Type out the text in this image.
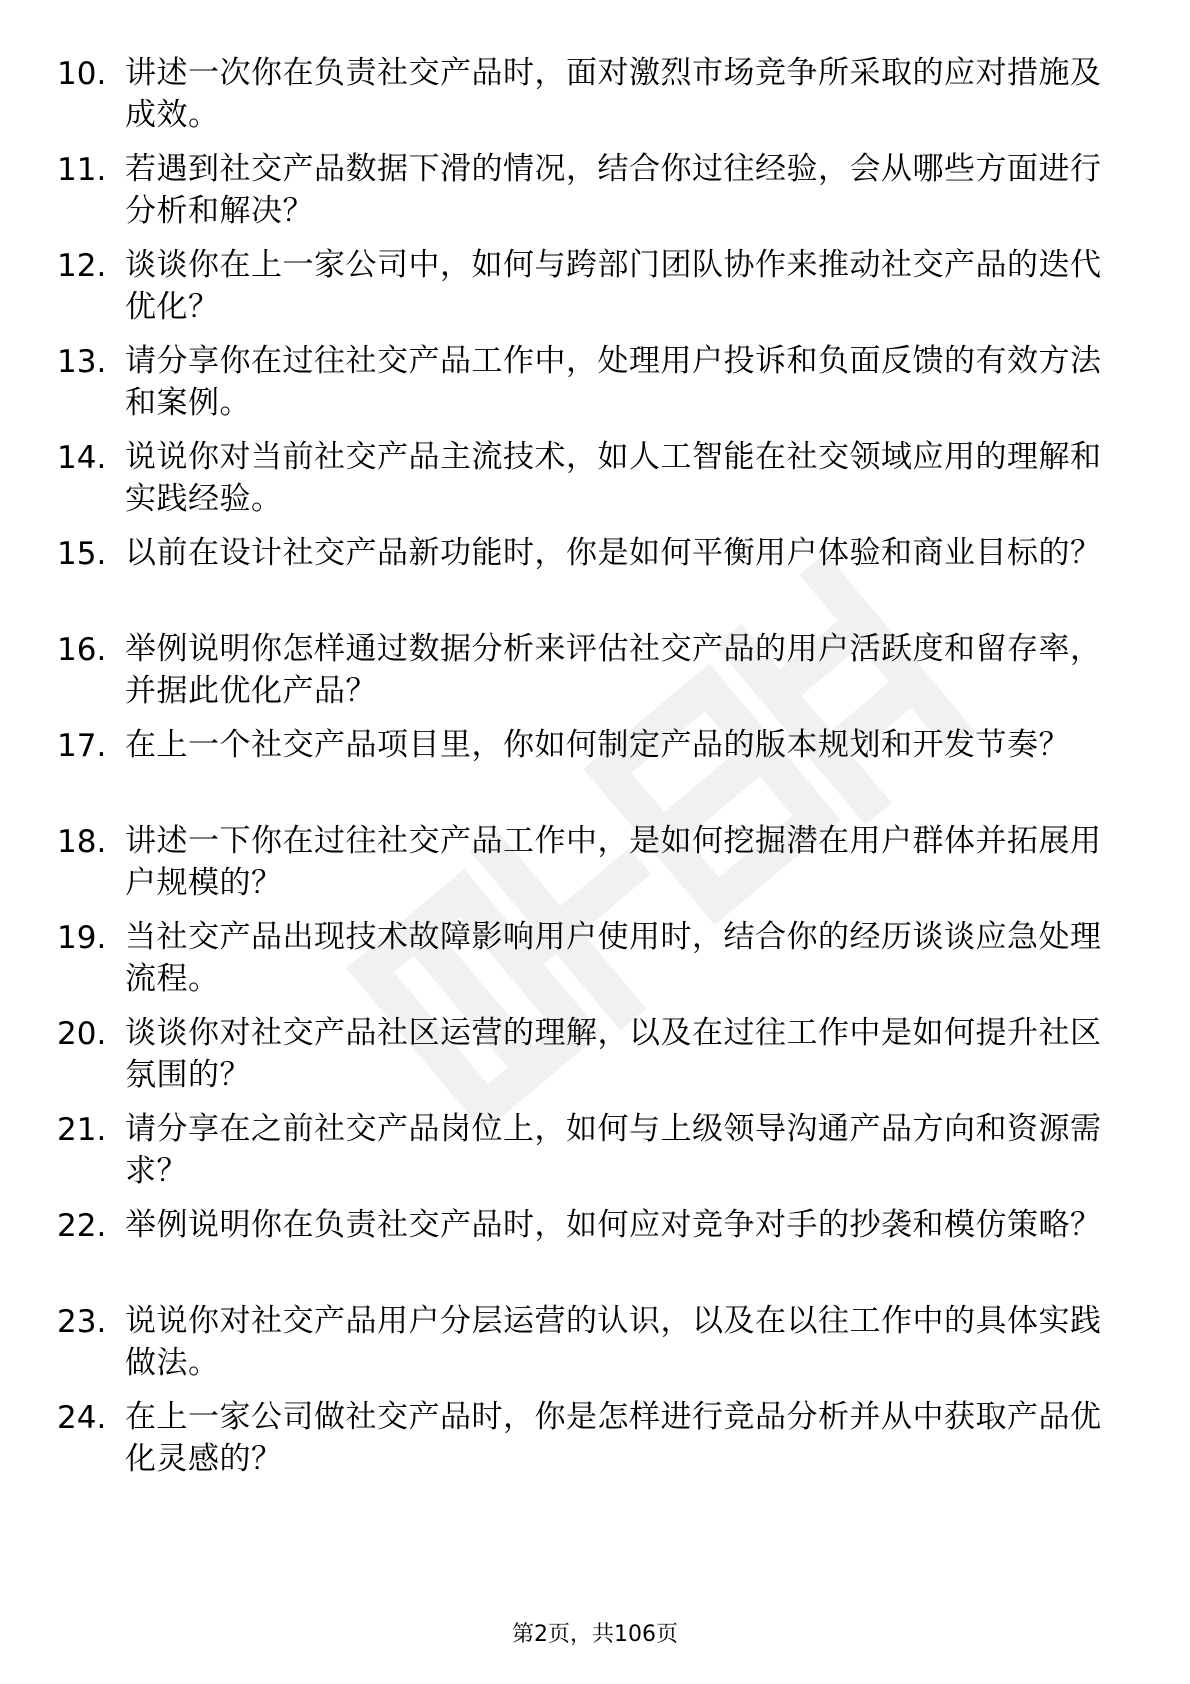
10. 讲述一次你在负责社交产品时，面对激烈市场竞争所采取的应对措施及成效。
11. 若遇到社交产品数据下滑的情况，结合你过往经验，会从哪些方面进行分析和解决？
12. 谈谈你在上一家公司中，如何与跨部门团队协作来推动社交产品的迭代优化？
13. 请分享你在过往社交产品工作中，处理用户投诉和负面反馈的有效方法和案例。
14. 说说你对当前社交产品主流技术，如人工智能在社交领域应用的理解和实践经验。
15. 以前在设计社交产品新功能时，你是如何平衡用户体验和商业目标的？
16. 举例说明你怎样通过数据分析来评估社交产品的用户活跃度和留存率，并据此优化产品？
17. 在上一个社交产品项目里，你如何制定产品的版本规划和开发节奏？
18. 讲述一下你在过往社交产品工作中，是如何挖掘潜在用户群体并拓展用户规模的？
19. 当社交产品出现技术故障影响用户使用时，结合你的经历谈谈应急处理流程。
20. 谈谈你对社交产品社区运营的理解，以及在过往工作中是如何提升社区氛围的？
21. 请分享在之前社交产品岗位上，如何与上级领导沟通产品方向和资源需求？
22. 举例说明你在负责社交产品时，如何应对竞争对手的抄袭和模仿策略？
23. 说说你对社交产品用户分层运营的认识，以及在以往工作中的具体实践做法。
24. 在上一家公司做社交产品时，你是怎样进行竞品分析并从中获取产品优化灵感的？
第2页，共106页
